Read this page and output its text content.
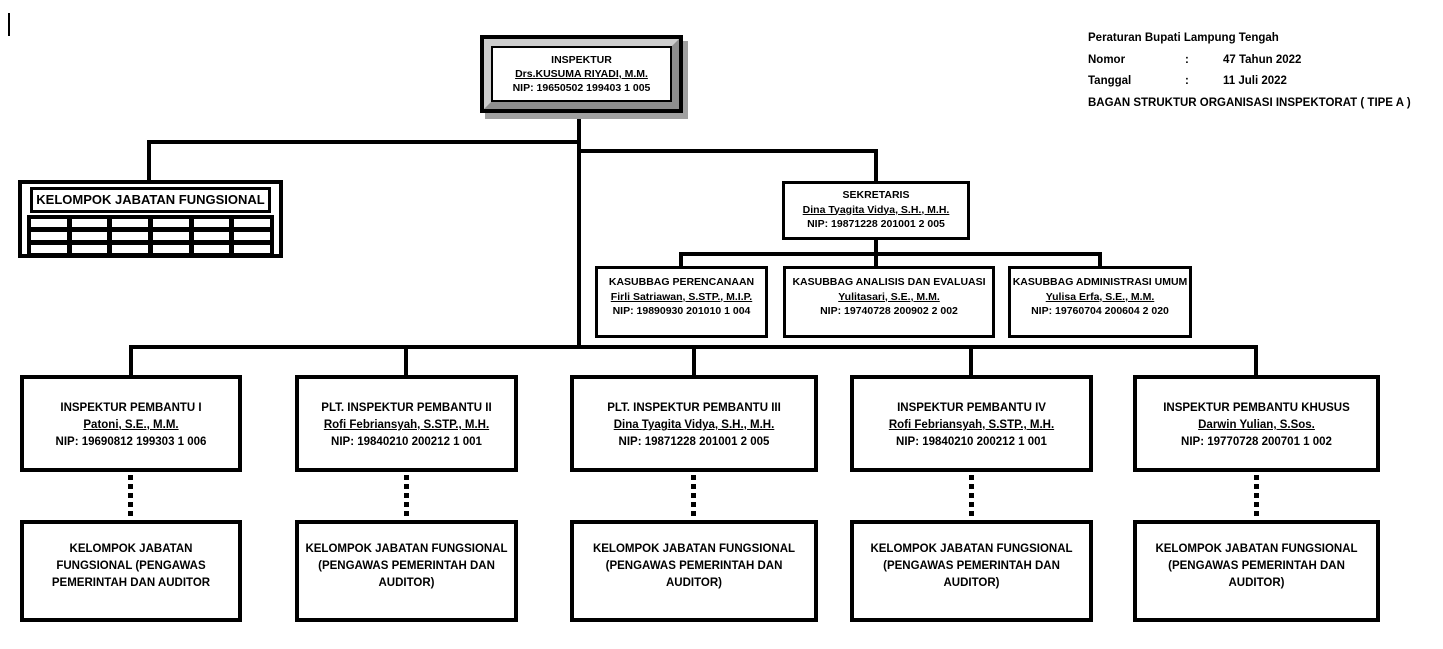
Peraturan Bupati Lampung Tengah
Nomor	:	47 Tahun 2022
Tanggal	:	11 Juli 2022
BAGAN STRUKTUR ORGANISASI INSPEKTORAT ( TIPE A )
INSPEKTUR
Drs.KUSUMA RIYADI, M.M.
NIP: 19650502 199403 1 005
KELOMPOK JABATAN FUNGSIONAL	SEKRETARIS
Dina Tyagita Vidya, S.H., M.H.
NIP: 19871228 201001 2 005
KASUBBAG PERENCANAAN
Firli Satriawan, S.STP., M.I.P.
NIP: 19890930 201010 1 004
KASUBBAG ANALISIS DAN EVALUASI
Yulitasari, S.E., M.M.
NIP: 19740728 200902 2 002
KASUBBAG ADMINISTRASI UMUM
Yulisa Erfa, S.E., M.M.
NIP: 19760704 200604 2 020
INSPEKTUR PEMBANTU I
Patoni, S.E., M.M.
NIP: 19690812 199303 1 006
PLT. INSPEKTUR PEMBANTU II
Rofi Febriansyah, S.STP., M.H.
NIP: 19840210 200212 1 001
PLT. INSPEKTUR PEMBANTU III
Dina Tyagita Vidya, S.H., M.H.
NIP: 19871228 201001 2 005
INSPEKTUR PEMBANTU IV
Rofi Febriansyah, S.STP., M.H.
NIP: 19840210 200212 1 001
INSPEKTUR PEMBANTU KHUSUS
Darwin Yulian, S.Sos.
NIP: 19770728 200701 1 002
KELOMPOK JABATAN
FUNGSIONAL (PENGAWAS
PEMERINTAH DAN AUDITOR
KELOMPOK JABATAN FUNGSIONAL
(PENGAWAS PEMERINTAH DAN
AUDITOR)
KELOMPOK JABATAN FUNGSIONAL
(PENGAWAS PEMERINTAH DAN
AUDITOR)
KELOMPOK JABATAN FUNGSIONAL
(PENGAWAS PEMERINTAH DAN
AUDITOR)
KELOMPOK JABATAN FUNGSIONAL
(PENGAWAS PEMERINTAH DAN
AUDITOR)
